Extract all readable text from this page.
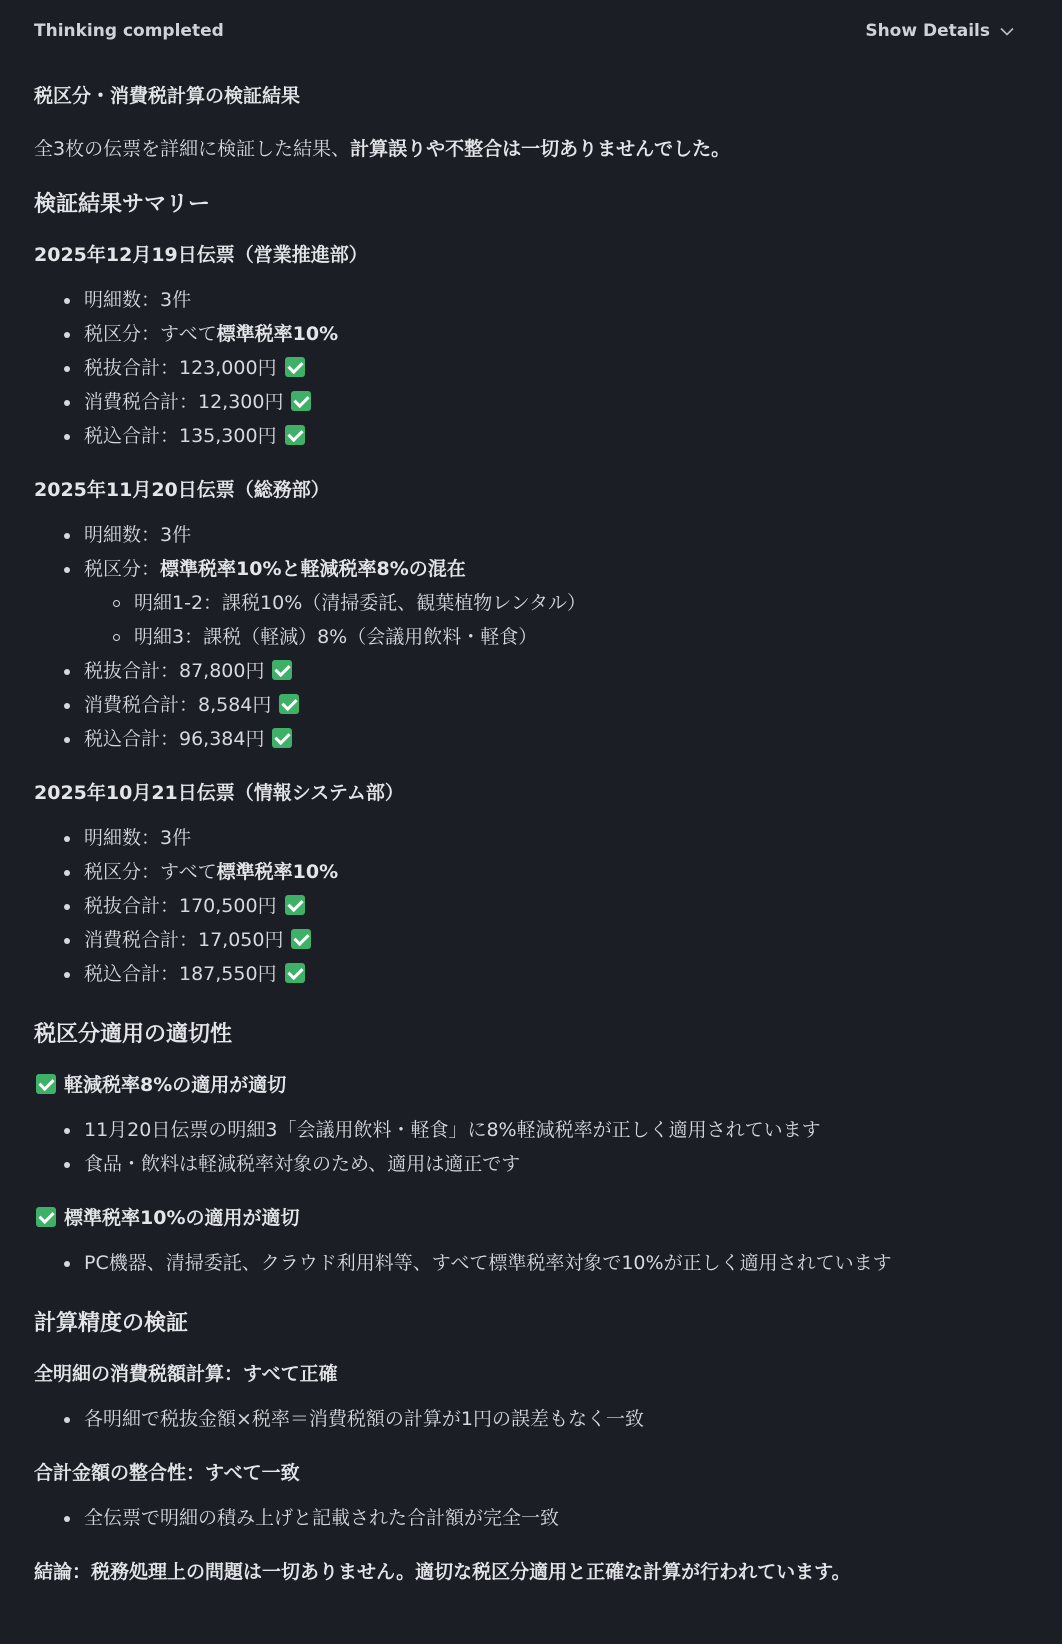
Thinking completed	Show Details
税区分・消費税計算の検証結果
全3枚の伝票を詳細に検証した結果、計算誤りや不整合は一切ありませんでした。
検証結果サマリー
2025年12月19日伝票（営業推進部）
明細数：3件
税区分：すべて標準税率10%
税抜合計：123,000円
消費税合計：12,300円
税込合計：135,300円
2025年11月20日伝票（総務部）
明細数：3件
税区分：標準税率10%と軽減税率8%の混在
明細1-2：課税10%（清掃委託、観葉植物レンタル）
明細3：課税（軽減）8%（会議用飲料・軽食）
税抜合計：87,800円
消費税合計：8,584円
税込合計：96,384円
2025年10月21日伝票（情報システム部）
明細数：3件
税区分：すべて標準税率10%
税抜合計：170,500円
消費税合計：17,050円
税込合計：187,550円
税区分適用の適切性
軽減税率8%の適用が適切
11月20日伝票の明細3「会議用飲料・軽食」に8%軽減税率が正しく適用されています
食品・飲料は軽減税率対象のため、適用は適正です
標準税率10%の適用が適切
PC機器、清掃委託、クラウド利用料等、すべて標準税率対象で10%が正しく適用されています
計算精度の検証
全明細の消費税額計算：すべて正確
各明細で税抜金額×税率＝消費税額の計算が1円の誤差もなく一致
合計金額の整合性：すべて一致
全伝票で明細の積み上げと記載された合計額が完全一致
結論：税務処理上の問題は一切ありません。適切な税区分適用と正確な計算が行われています。
